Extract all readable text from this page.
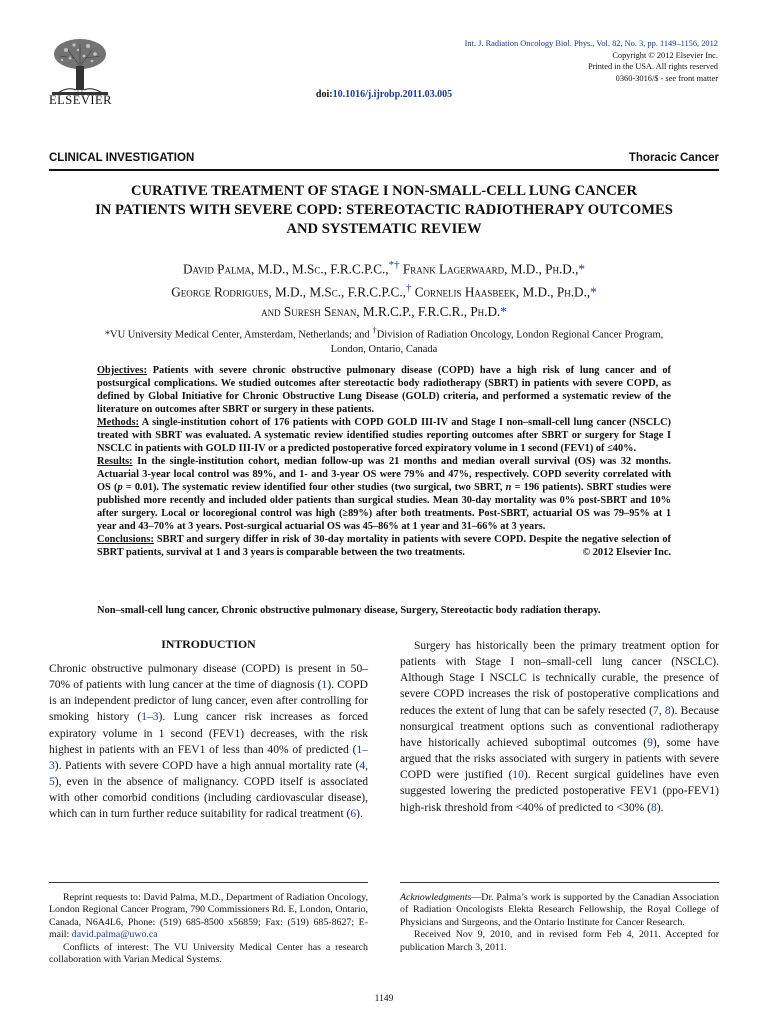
ELSEVIER
Int. J. Radiation Oncology Biol. Phys., Vol. 82, No. 3, pp. 1149–1156, 2012
Copyright © 2012 Elsevier Inc.
Printed in the USA. All rights reserved
0360-3016/$ - see front matter
doi:10.1016/j.ijrobp.2011.03.005
CLINICAL INVESTIGATION	Thoracic Cancer
CURATIVE TREATMENT OF STAGE I NON-SMALL-CELL LUNG CANCER
IN PATIENTS WITH SEVERE COPD: STEREOTACTIC RADIOTHERAPY OUTCOMES
AND SYSTEMATIC REVIEW
David Palma, M.D., M.Sc., F.R.C.P.C.,*† Frank Lagerwaard, M.D., Ph.D.,*
George Rodrigues, M.D., M.Sc., F.R.C.P.C.,† Cornelis Haasbeek, M.D., Ph.D.,*
and Suresh Senan, M.R.C.P., F.R.C.R., Ph.D.*
*VU University Medical Center, Amsterdam, Netherlands; and †Division of Radiation Oncology, London Regional Cancer Program,
London, Ontario, Canada

Objectives: Patients with severe chronic obstructive pulmonary disease (COPD) have a high risk of lung cancer and of postsurgical complications. We studied outcomes after stereotactic body radiotherapy (SBRT) in patients with severe COPD, as defined by Global Initiative for Chronic Obstructive Lung Disease (GOLD) criteria, and performed a systematic review of the literature on outcomes after SBRT or surgery in these patients.

Methods: A single-institution cohort of 176 patients with COPD GOLD III-IV and Stage I non–small-cell lung cancer (NSCLC) treated with SBRT was evaluated. A systematic review identified studies reporting outcomes after SBRT or surgery for Stage I NSCLC in patients with GOLD III-IV or a predicted postoperative forced expiratory volume in 1 second (FEV1) of ≤40%.

Results: In the single-institution cohort, median follow-up was 21 months and median overall survival (OS) was 32 months. Actuarial 3-year local control was 89%, and 1- and 3-year OS were 79% and 47%, respectively. COPD severity correlated with OS (p = 0.01). The systematic review identified four other studies (two surgical, two SBRT, n = 196 patients). SBRT studies were published more recently and included older patients than surgical studies. Mean 30-day mortality was 0% post-SBRT and 10% after surgery. Local or locoregional control was high (≥89%) after both treatments. Post-SBRT, actuarial OS was 79–95% at 1 year and 43–70% at 3 years. Post-surgical actuarial OS was 45–86% at 1 year and 31–66% at 3 years.

Conclusions: SBRT and surgery differ in risk of 30-day mortality in patients with severe COPD. Despite the negative selection of SBRT patients, survival at 1 and 3 years is comparable between the two treatments.	© 2012 Elsevier Inc.

Non–small-cell lung cancer, Chronic obstructive pulmonary disease, Surgery, Stereotactic body radiation therapy.
INTRODUCTION

Chronic obstructive pulmonary disease (COPD) is present in 50–70% of patients with lung cancer at the time of diagnosis (1). COPD is an independent predictor of lung cancer, even after controlling for smoking history (1–3). Lung cancer risk increases as forced expiratory volume in 1 second (FEV1) decreases, with the risk highest in patients with an FEV1 of less than 40% of predicted (1–3). Patients with severe COPD have a high annual mortality rate (4, 5), even in the absence of malignancy. COPD itself is associated with other comorbid conditions (including cardiovascular disease), which can in turn further reduce suitability for radical treatment (6).

Surgery has historically been the primary treatment option for patients with Stage I non–small-cell lung cancer (NSCLC). Although Stage I NSCLC is technically curable, the presence of severe COPD increases the risk of postoperative complications and reduces the extent of lung that can be safely resected (7, 8). Because nonsurgical treatment options such as conventional radiotherapy have historically achieved suboptimal outcomes (9), some have argued that the risks associated with surgery in patients with severe COPD were justified (10). Recent surgical guidelines have even suggested lowering the predicted postoperative FEV1 (ppo-FEV1) high-risk threshold from <40% of predicted to <30% (8).

Reprint requests to: David Palma, M.D., Department of Radiation Oncology, London Regional Cancer Program, 790 Commissioners Rd. E, London, Ontario, Canada, N6A4L6, Phone: (519) 685-8500 x56859; Fax: (519) 685-8627; E-mail: david.palma@uwo.ca

Conflicts of interest: The VU University Medical Center has a research collaboration with Varian Medical Systems.

Acknowledgments—Dr. Palma’s work is supported by the Canadian Association of Radiation Oncologists Elekta Research Fellowship, the Royal College of Physicians and Surgeons, and the Ontario Institute for Cancer Research.

Received Nov 9, 2010, and in revised form Feb 4, 2011. Accepted for publication March 3, 2011.

1149
